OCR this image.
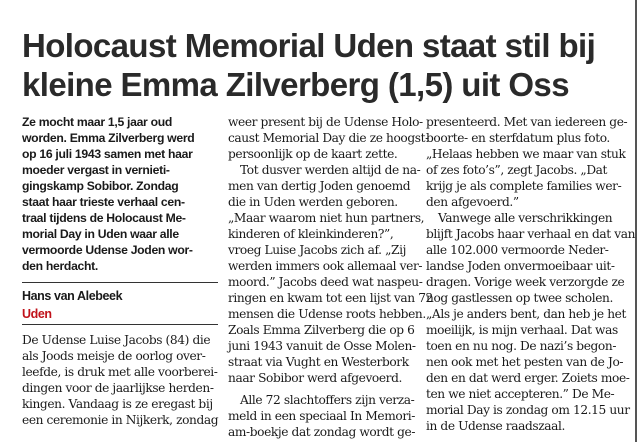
Holocaust Memorial Uden staat stil bij
kleine Emma Zilverberg (1,5) uit Oss
Ze mocht maar 1,5 jaar oud
worden. Emma Zilverberg werd
op 16 juli 1943 samen met haar
moeder vergast in vernieti-
gingskamp Sobibor. Zondag
staat haar trieste verhaal cen-
traal tijdens de Holocaust Me-
morial Day in Uden waar alle
vermoorde Udense Joden wor-
den herdacht.
Hans van Alebeek
Uden
De Udense Luise Jacobs (84) die
als Joods meisje de oorlog over-
leefde, is druk met alle voorberei-
dingen voor de jaarlijkse herden-
kingen. Vandaag is ze eregast bij
een ceremonie in Nijkerk, zondag
weer present bij de Udense Holo-
caust Memorial Day die ze hoogst-
persoonlijk op de kaart zette.
Tot dusver werden altijd de na-
men van dertig Joden genoemd
die in Uden werden geboren.
„Maar waarom niet hun partners,
kinderen of kleinkinderen?”,
vroeg Luise Jacobs zich af. „Zij
werden immers ook allemaal ver-
moord.” Jacobs deed wat naspeu-
ringen en kwam tot een lijst van 72
mensen die Udense roots hebben.
Zoals Emma Zilverberg die op 6
juni 1943 vanuit de Osse Molen-
straat via Vught en Westerbork
naar Sobibor werd afgevoerd.
Alle 72 slachtoffers zijn verza-
meld in een speciaal In Memori-
am-boekje dat zondag wordt ge-
presenteerd. Met van iedereen ge-
boorte- en sterfdatum plus foto.
„Helaas hebben we maar van stuk
of zes foto’s”, zegt Jacobs. „Dat
krijg je als complete families wer-
den afgevoerd.”
Vanwege alle verschrikkingen
blijft Jacobs haar verhaal en dat van
alle 102.000 vermoorde Neder-
landse Joden onvermoeibaar uit-
dragen. Vorige week verzorgde ze
nog gastlessen op twee scholen.
„Als je anders bent, dan heb je het
moeilijk, is mijn verhaal. Dat was
toen en nu nog. De nazi’s begon-
nen ook met het pesten van de Jo-
den en dat werd erger. Zoiets moe-
ten we niet accepteren.” De Me-
morial Day is zondag om 12.15 uur
in de Udense raadszaal.
